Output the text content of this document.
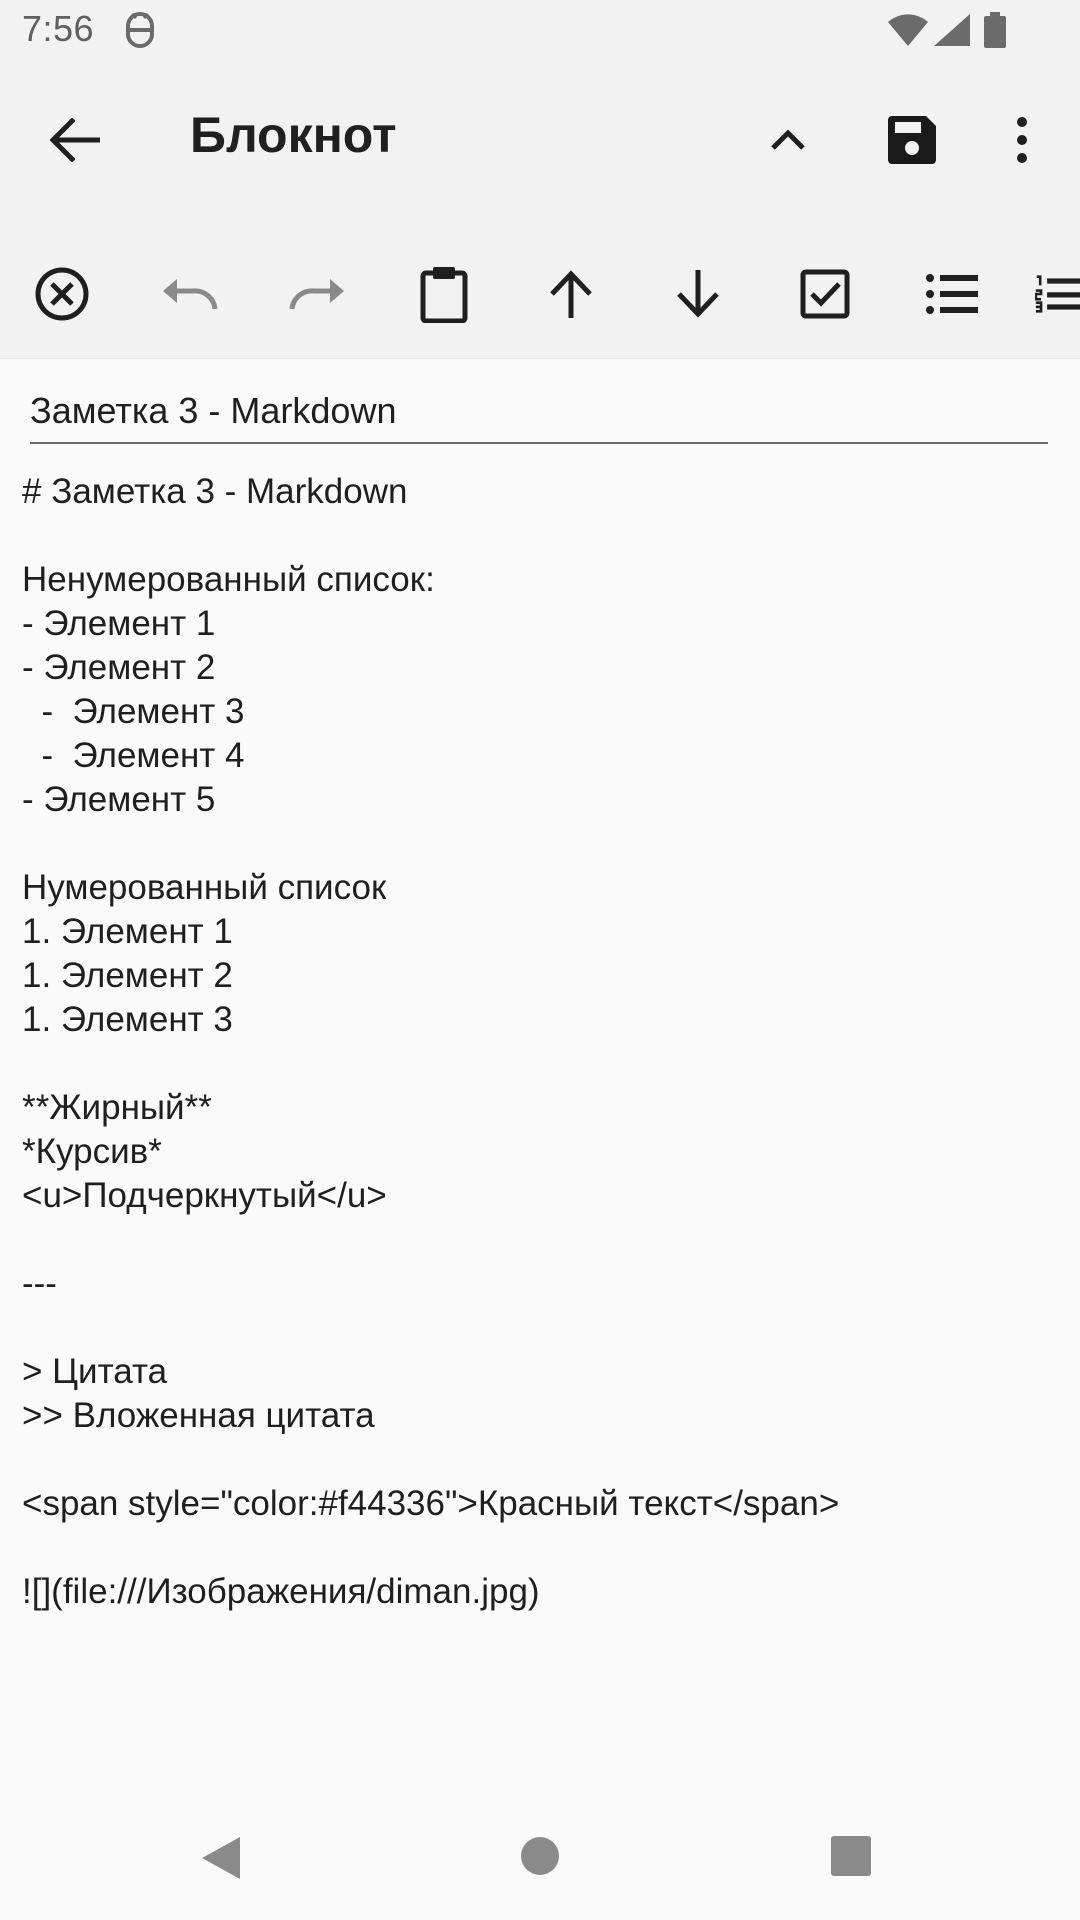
7:56
Блокнот
Заметка 3 - Markdown
# Заметка 3 - Markdown

Ненумерованный список:
- Элемент 1
- Элемент 2
-  Элемент 3
-  Элемент 4
- Элемент 5

Нумерованный список
1. Элемент 1
1. Элемент 2
1. Элемент 3

**Жирный**
*Курсив*
<u>Подчеркнутый</u>

---

> Цитата
>> Вложенная цитата

<span style="color:#f44336">Красный текст</span>

![](file:///Изображения/diman.jpg)
